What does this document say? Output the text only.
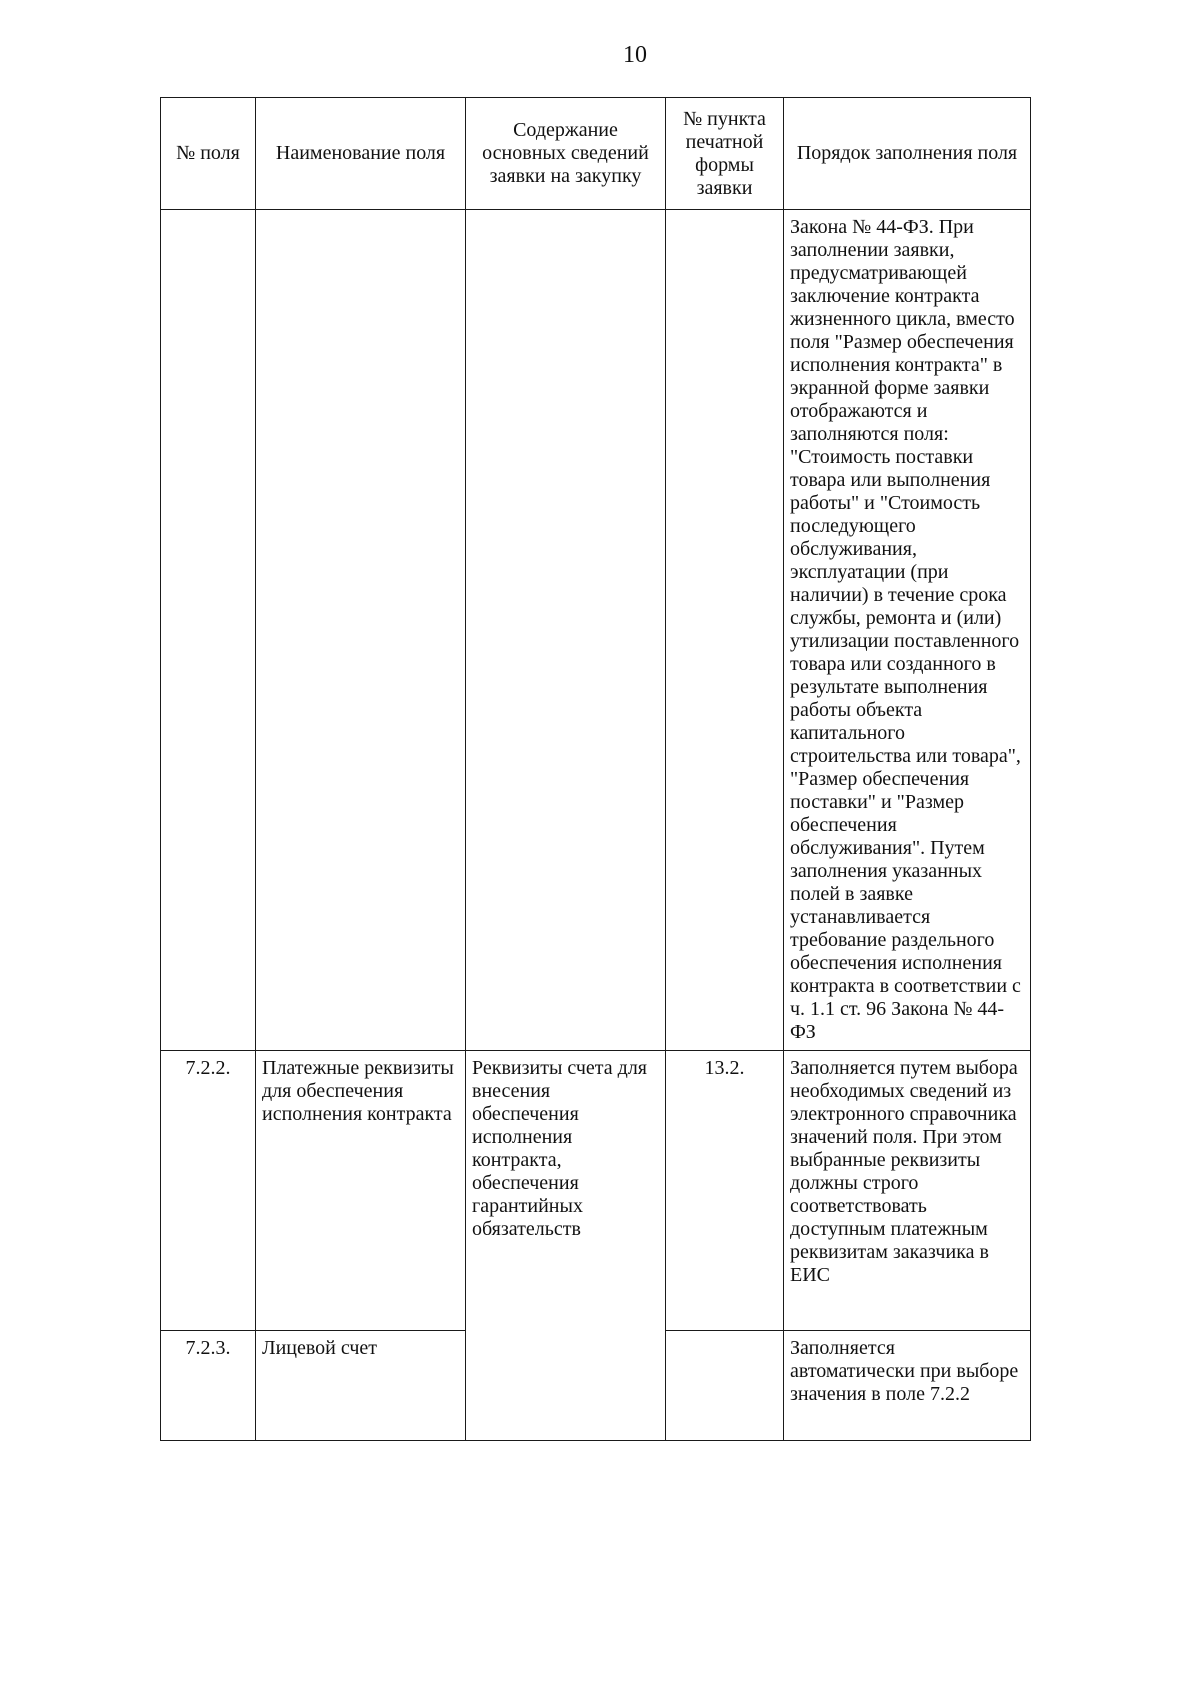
10
№ поля	Наименование поля	Содержание основных сведений заявки на закупку	№ пункта печатной формы заявки	Порядок заполнения поля
				Закона № 44-ФЗ. При заполнении заявки, предусматривающей заключение контракта жизненного цикла, вместо поля "Размер обеспечения исполнения контракта" в экранной форме заявки отображаются и заполняются поля: "Стоимость поставки товара или выполнения работы" и "Стоимость последующего обслуживания, эксплуатации (при наличии) в течение срока службы, ремонта и (или) утилизации поставленного товара или созданного в результате выполнения работы объекта капитального строительства или товара", "Размер обеспечения поставки" и "Размер обеспечения обслуживания". Путем заполнения указанных полей в заявке устанавливается требование раздельного обеспечения исполнения контракта в соответствии с ч. 1.1 ст. 96 Закона № 44-ФЗ
7.2.2.	Платежные реквизиты для обеспечения исполнения контракта	Реквизиты счета для внесения обеспечения исполнения контракта, обеспечения гарантийных обязательств	13.2.	Заполняется путем выбора необходимых сведений из электронного справочника значений поля. При этом выбранные реквизиты должны строго соответствовать доступным платежным реквизитам заказчика в ЕИС
7.2.3.	Лицевой счет			Заполняется автоматически при выборе значения в поле 7.2.2
